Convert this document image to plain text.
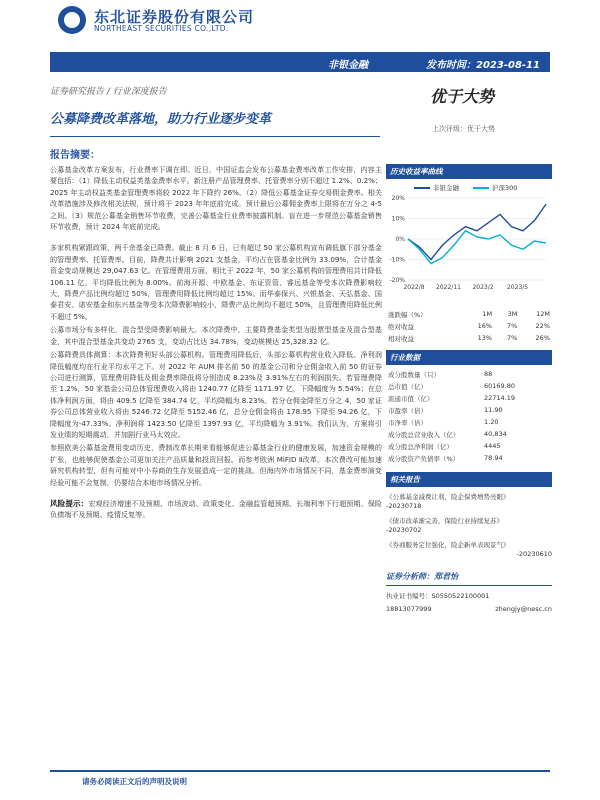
东北证券股份有限公司
NORTHEAST SECURITIES CO.,LTD.
非银金融	发布时间：2023-08-11
证券研究报告 / 行业深度报告	优于大势
上次评级：优于大势
公募降费改革落地，助力行业逐步变革
报告摘要：
公募基金改革方案发布，行业费率下调在即。近日，中国证监会发布公募基金费率改革工作安排，内容主要包括：（1）降低主动权益类基金费率水平。新注册产品管理费率、托管费率分别不超过 1.2%、0.2%；2025 年主动权益类基金管理费率将较 2022 年下降约 26%。（2）降低公募基金证券交易佣金费率。相关改革措施涉及修改相关法规，预计将于 2023 年年底前完成。预计最后公募佣金费率上限将在万分之 4-5 之间。（3）规范公募基金销售环节收费，完善公募基金行业费率披露机制。盲在进一步规范公募基金销售环节收费，预计 2024 年底前完成。
多家机构紧跟政策，两千余基金已降费。截止 8 月 6 日，已有超过 50 家公募机构宣布调低旗下部分基金的管理费率、托管费率。目前，降费共计影响 2021 支基金，平均占在管基金比例为 33.09%，合计基金资金变动规模达 29,047.63 亿。在管理费用方面，相比于 2022 年，50 家公募机构的管理费用共计降低 106.11 亿，平均降低比例为 8.00%。前海开源、中欧基金、东证资管、睿远基金等受本次降费影响较大，降费产品比例均超过 50%，管理费用降低比例均超过 15%。而华泰保兴、兴银基金、天弘基金、国泰君安、诺安基金和东兴基金等受本次降费影响较小，降费产品比例均不超过 50%，且管理费用降低比例不超过 5%。
公募市场分布多样化，混合型受降费影响最大。本次降费中，主要降费基金类型为股票型基金及混合型基金，其中混合型基金共变动 2765 支，变动占比达 34.78%，变动规模达 25,328.32 亿。
公募降费具体测算：本次降费利好头部公募机构。管理费用降低后，头部公募机构营业收入降低、净利润降低幅度均在行业平均水平之下。对 2022 年 AUM 排名前 50 的基金公司和分仓佣金收入前 50 的证券公司进行测算，管理费用降低及佣金费率降低将分别造成 8.23%及 3.91%左右的利润损失。若管理费降至 1.2%，50 家基金公司总体管理费收入将由 1240.77 亿降至 1171.97 亿，下降幅度为 5.54%；在总体净利润方面，将由 409.5 亿降至 384.74 亿，平均降幅为 8.23%。若分仓佣金降至万分之 4，50 家证券公司总体营业收入将由 5246.72 亿降至 5152.46 亿，总分仓佣金将由 178.95 下降至 94.26 亿，下降幅度为-47.33%。净利润将 1423.50 亿降至 1397.93 亿，平均降幅为 3.91%。我们认为，方案将引发业绩的短期震动，并加剧行业马太效应。
参照欧美公募基金费用变动历史，费制改革长期来看能够促进公募基金行业的健康发展，加速资金规模的扩张，也能够促使基金公司更加关注产品质量和投资回报。而参考欧洲 MiFID Ⅱ改革，本次费改可能加速研究机构转型，但有可能对中小券商的生存发展造成一定的挑战。但海内外市场情况不同，基金费率演变经验可能不会复制，仍要结合本地市场情况分析。
风险提示：宏观经济增速不及预期、市场波动、政策变化、金融监管超预期、长端利率下行超预期、保险负债端不及预期、疫情反复等。
历史收益率曲线
非银金融	沪深300
20%
10%
0%
-10%
-20%
2022/8 2022/11 2023/2 2023/5
涨跌幅（%）	1M	3M	12M
绝对收益	16%	7%	22%
相对收益	13%	7%	26%
行业数据
成分股数量（只）	88
总市值（亿）	60169.80
流通市值（亿）	22714.19
市盈率（倍）	11.90
市净率（倍）	1.20
成分股总营业收入（亿）	40,834
成分股总净利润（亿）	4445
成分股资产负债率（%）	78.94
相关报告
《公募基金减费让利，险企保费增势亮眼》
-20230718
《债市改革渐完善，保险行业持续复苏》
-20230702
《券商服务定位强化，险企新单表现景气》
-20230610
证券分析师：郑君怡
执业证书编号：S0550522100001
18813077999	zhengjy@nesc.cn
请务必阅读正文后的声明及说明
